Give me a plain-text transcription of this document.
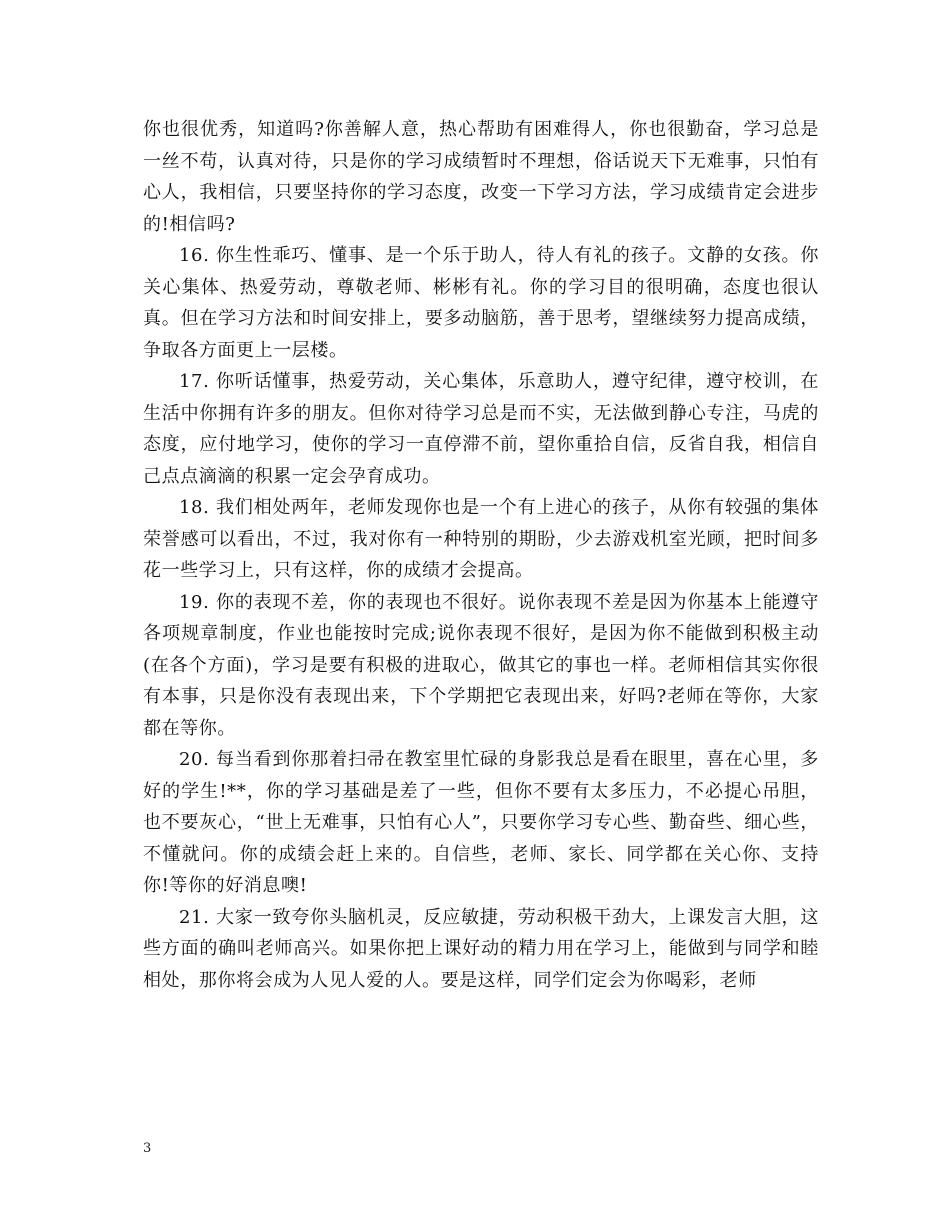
你也很优秀，知道吗?你善解人意，热心帮助有困难得人，你也很勤奋，学习总是一丝不苟，认真对待，只是你的学习成绩暂时不理想，俗话说天下无难事，只怕有心人，我相信，只要坚持你的学习态度，改变一下学习方法，学习成绩肯定会进步的!相信吗?

16. 你生性乖巧、懂事、是一个乐于助人，待人有礼的孩子。文静的女孩。你关心集体、热爱劳动，尊敬老师、彬彬有礼。你的学习目的很明确，态度也很认真。但在学习方法和时间安排上，要多动脑筋，善于思考，望继续努力提高成绩，争取各方面更上一层楼。

17. 你听话懂事，热爱劳动，关心集体，乐意助人，遵守纪律，遵守校训，在生活中你拥有许多的朋友。但你对待学习总是而不实，无法做到静心专注，马虎的态度，应付地学习，使你的学习一直停滞不前，望你重拾自信，反省自我，相信自己点点滴滴的积累一定会孕育成功。

18. 我们相处两年，老师发现你也是一个有上进心的孩子，从你有较强的集体荣誉感可以看出，不过，我对你有一种特别的期盼，少去游戏机室光顾，把时间多花一些学习上，只有这样，你的成绩才会提高。

19. 你的表现不差，你的表现也不很好。说你表现不差是因为你基本上能遵守各项规章制度，作业也能按时完成;说你表现不很好，是因为你不能做到积极主动(在各个方面)，学习是要有积极的进取心，做其它的事也一样。老师相信其实你很有本事，只是你没有表现出来，下个学期把它表现出来，好吗?老师在等你，大家都在等你。

20. 每当看到你那着扫帚在教室里忙碌的身影我总是看在眼里，喜在心里，多好的学生!**，你的学习基础是差了一些，但你不要有太多压力，不必提心吊胆，也不要灰心，“世上无难事，只怕有心人”，只要你学习专心些、勤奋些、细心些，不懂就问。你的成绩会赶上来的。自信些，老师、家长、同学都在关心你、支持你!等你的好消息噢!

21. 大家一致夸你头脑机灵，反应敏捷，劳动积极干劲大，上课发言大胆，这些方面的确叫老师高兴。如果你把上课好动的精力用在学习上，能做到与同学和睦相处，那你将会成为人见人爱的人。要是这样，同学们定会为你喝彩，老师

3
